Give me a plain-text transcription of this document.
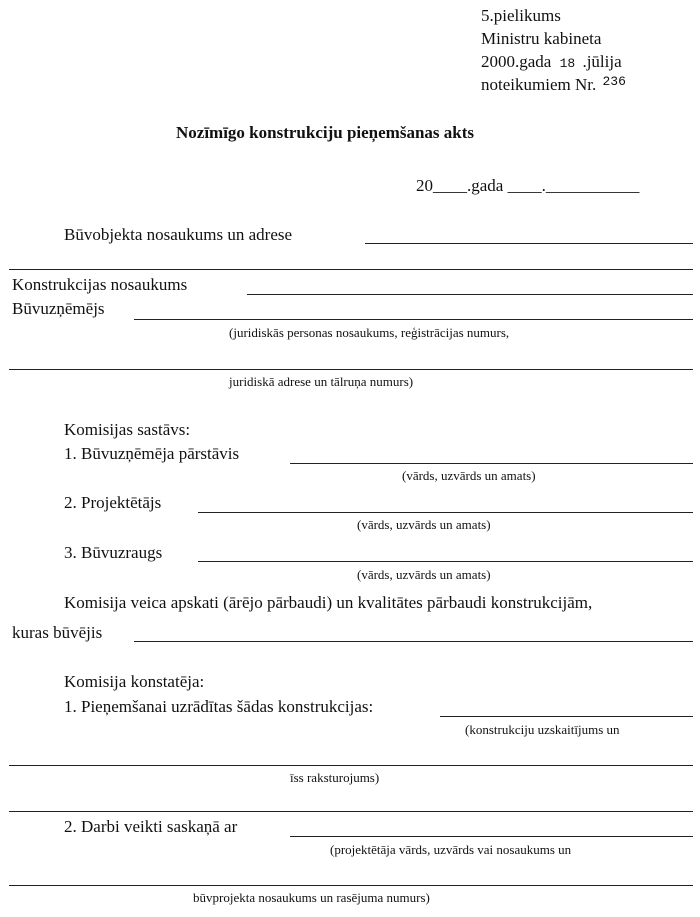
5.pielikums
Ministru kabineta
2000.gada 18 .jūlija
noteikumiem Nr. $^{236}$
Nozīmīgo konstrukciju pieņemšanas akts
20____.gada ____.___________
Būvobjekta nosaukums un adrese
Konstrukcijas nosaukums
Būvuzņēmējs
(juridiskās personas nosaukums, reģistrācijas numurs,
juridiskā adrese un tālruņa numurs)
Komisijas sastāvs:
1. Būvuzņēmēja pārstāvis
(vārds, uzvārds un amats)
2. Projektētājs
(vārds, uzvārds un amats)
3. Būvuzraugs
(vārds, uzvārds un amats)
Komisija veica apskati (ārējo pārbaudi) un kvalitātes pārbaudi konstrukcijām,
kuras būvējis
Komisija konstatēja:
1. Pieņemšanai uzrādītas šādas konstrukcijas:
(konstrukciju uzskaitījums un
īss raksturojums)
2. Darbi veikti saskaņā ar
(projektētāja vārds, uzvārds vai nosaukums un
būvprojekta nosaukums un rasējuma numurs)
